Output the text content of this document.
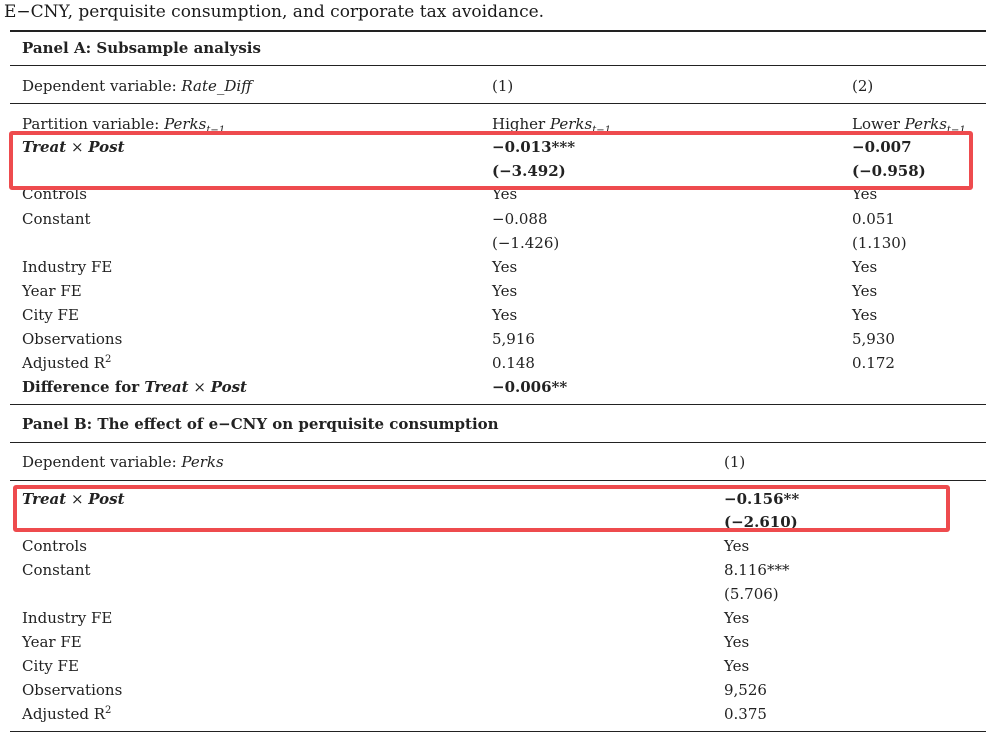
E−CNY, perquisite consumption, and corporate tax avoidance.
Panel A: Subsample analysis
Dependent variable: Rate_Diff	(1)	(2)
Partition variable: Perks$_{t-1}$	Higher Perks$_{t-1}$	Lower Perks$_{t-1}$
Treat × Post	−0.013***	−0.007
(−3.492)	(−0.958)
Controls	Yes	Yes
Constant	−0.088	0.051
(−1.426)	(1.130)
Industry FE	Yes	Yes
Year FE	Yes	Yes
City FE	Yes	Yes
Observations	5,916	5,930
Adjusted $R^2$	0.148	0.172
Difference for Treat × Post	−0.006**
Panel B: The effect of e−CNY on perquisite consumption
Dependent variable: Perks	(1)
Treat × Post	−0.156**
(−2.610)
Controls	Yes
Constant	8.116***
(5.706)
Industry FE	Yes
Year FE	Yes
City FE	Yes
Observations	9,526
Adjusted $R^2$	0.375
